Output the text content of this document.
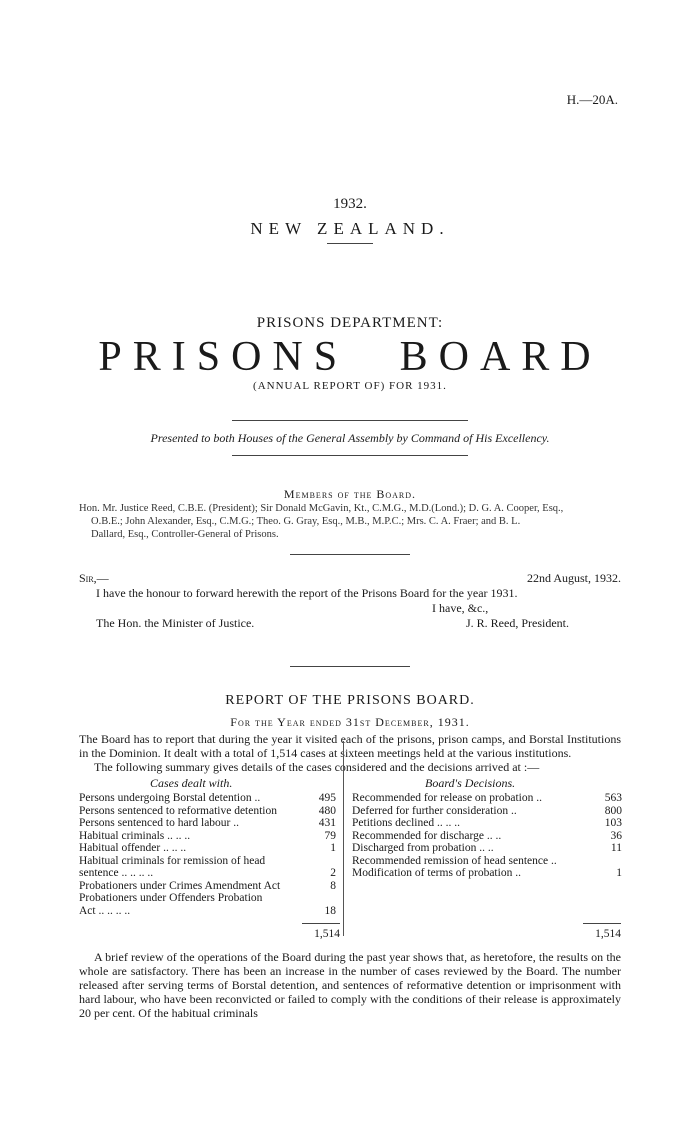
H.—20A.
1932.
NEW ZEALAND.
PRISONS DEPARTMENT:
PRISONS BOARD
(ANNUAL REPORT OF) FOR 1931.
Presented to both Houses of the General Assembly by Command of His Excellency.
Members of the Board.

Hon. Mr. Justice Reed, C.B.E. (President); Sir Donald McGavin, Kt., C.M.G., M.D.(Lond.); D. G. A. Cooper, Esq.,

O.B.E.; John Alexander, Esq., C.M.G.; Theo. G. Gray, Esq., M.B., M.P.C.; Mrs. C. A. Fraer; and B. L.

Dallard, Esq., Controller-General of Prisons.

Sir,—	22nd August, 1932.
I have the honour to forward herewith the report of the Prisons Board for the year 1931.
I have, &c.,
The Hon. the Minister of Justice.	J. R. Reed, President.
REPORT OF THE PRISONS BOARD.
For the Year ended 31st December, 1931.

The Board has to report that during the year it visited each of the prisons, prison camps, and Borstal Institutions in the Dominion. It dealt with a total of 1,514 cases at sixteen meetings held at the various institutions.

The following summary gives details of the cases considered and the decisions arrived at :—

Cases dealt with.	Board's Decisions.
Persons undergoing Borstal detention ..	495
Persons sentenced to reformative detention	480
Persons sentenced to hard labour ..	431
Habitual criminals .. .. ..	79
Habitual offender .. .. ..	1
Habitual criminals for remission of head
sentence .. .. .. ..	2
Probationers under Crimes Amendment Act	8
Probationers under Offenders Probation
Act .. .. .. ..	18
Recommended for release on probation ..	563
Deferred for further consideration ..	800
Petitions declined .. .. ..	103
Recommended for discharge .. ..	36
Discharged from probation .. ..	11
Recommended remission of head sentence ..
Modification of terms of probation ..	1
1,514	1,514

A brief review of the operations of the Board during the past year shows that, as heretofore, the results on the whole are satisfactory. There has been an increase in the number of cases reviewed by the Board. The number released after serving terms of Borstal detention, and sentences of reformative detention or imprisonment with hard labour, who have been reconvicted or failed to comply with the conditions of their release is approximately 20 per cent. Of the habitual criminals
